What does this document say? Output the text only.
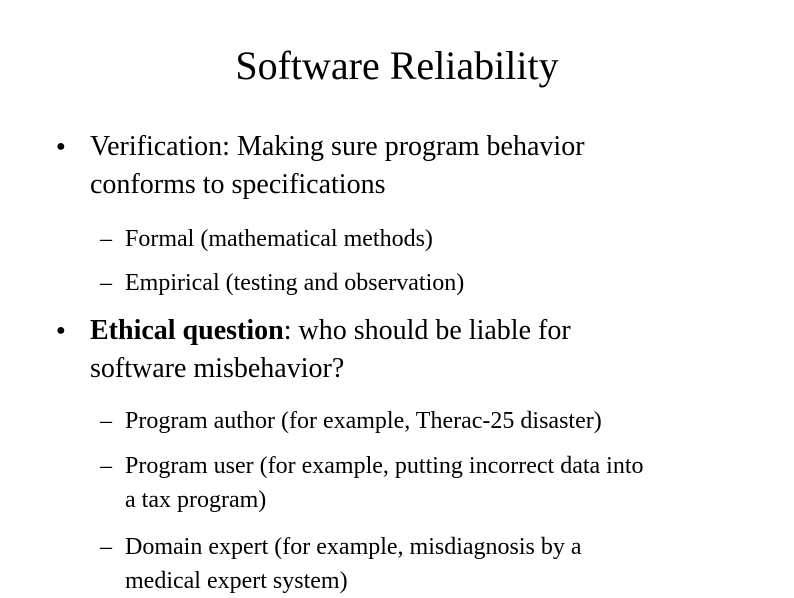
Software Reliability
● Verification: Making sure program behavior
conforms to specifications
– Formal (mathematical methods)
– Empirical (testing and observation)
● Ethical question: who should be liable for
software misbehavior?
– Program author (for example, Therac-25 disaster)
– Program user (for example, putting incorrect data into
a tax program)
– Domain expert (for example, misdiagnosis by a
medical expert system)
